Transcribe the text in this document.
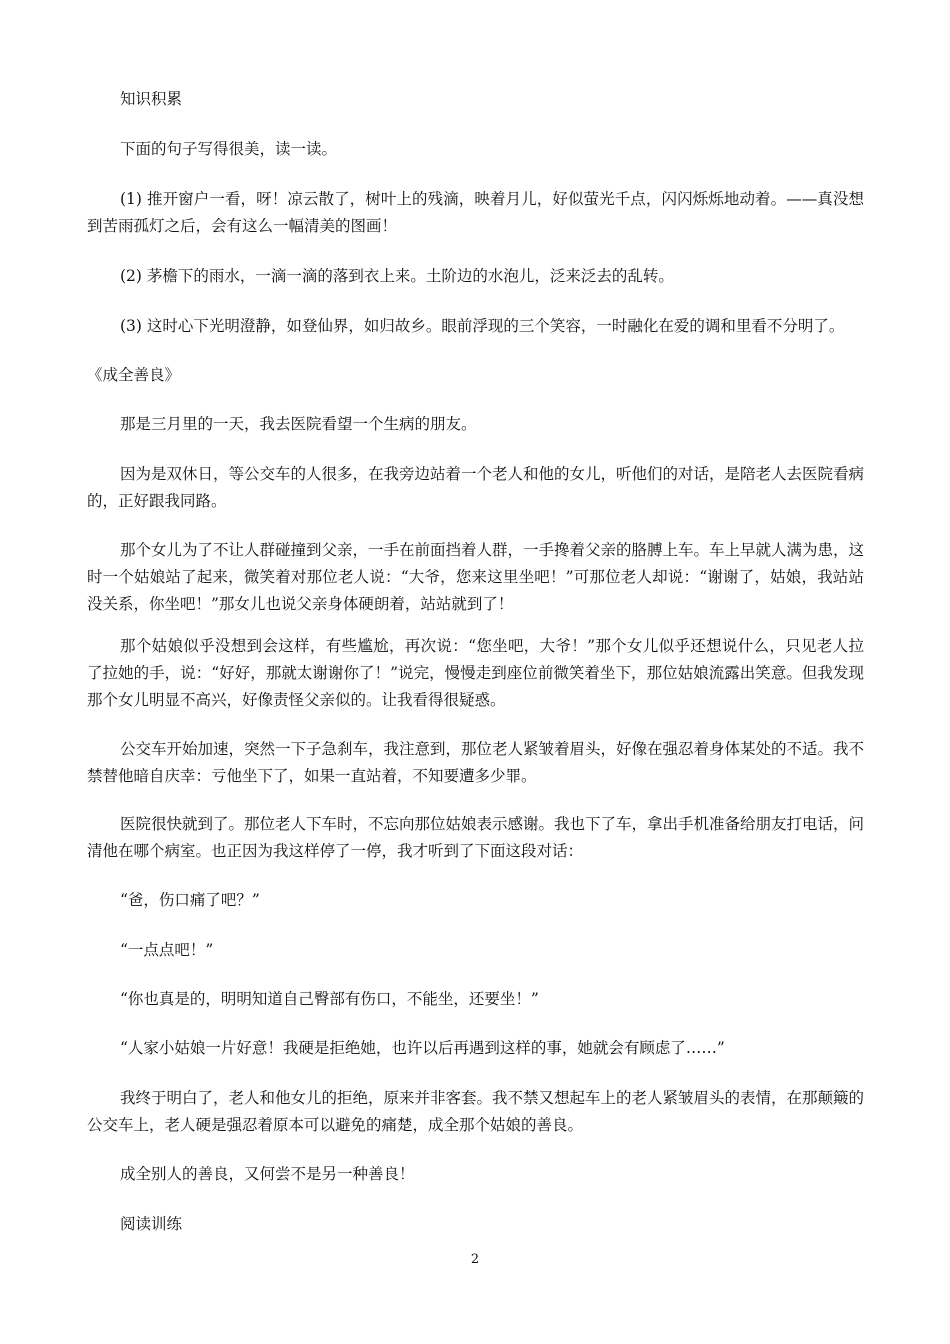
知识积累

下面的句子写得很美，读一读。

(1) 推开窗户一看，呀！凉云散了，树叶上的残滴，映着月儿，好似萤光千点，闪闪烁烁地动着。——真没想到苦雨孤灯之后，会有这么一幅清美的图画！

(2) 茅檐下的雨水，一滴一滴的落到衣上来。土阶边的水泡儿，泛来泛去的乱转。

(3) 这时心下光明澄静，如登仙界，如归故乡。眼前浮现的三个笑容，一时融化在爱的调和里看不分明了。

《成全善良》

那是三月里的一天，我去医院看望一个生病的朋友。

因为是双休日，等公交车的人很多，在我旁边站着一个老人和他的女儿，听他们的对话，是陪老人去医院看病的，正好跟我同路。

那个女儿为了不让人群碰撞到父亲，一手在前面挡着人群，一手搀着父亲的胳膊上车。车上早就人满为患，这时一个姑娘站了起来，微笑着对那位老人说：“大爷，您来这里坐吧！”可那位老人却说：“谢谢了，姑娘，我站站没关系，你坐吧！”那女儿也说父亲身体硬朗着，站站就到了！

那个姑娘似乎没想到会这样，有些尴尬，再次说：“您坐吧，大爷！”那个女儿似乎还想说什么，只见老人拉了拉她的手，说：“好好，那就太谢谢你了！”说完，慢慢走到座位前微笑着坐下，那位姑娘流露出笑意。但我发现那个女儿明显不高兴，好像责怪父亲似的。让我看得很疑惑。

公交车开始加速，突然一下子急刹车，我注意到，那位老人紧皱着眉头，好像在强忍着身体某处的不适。我不禁替他暗自庆幸：亏他坐下了，如果一直站着，不知要遭多少罪。

医院很快就到了。那位老人下车时，不忘向那位姑娘表示感谢。我也下了车，拿出手机准备给朋友打电话，问清他在哪个病室。也正因为我这样停了一停，我才听到了下面这段对话：

“爸，伤口痛了吧？”

“一点点吧！”

“你也真是的，明明知道自己臀部有伤口，不能坐，还要坐！”

“人家小姑娘一片好意！我硬是拒绝她，也许以后再遇到这样的事，她就会有顾虑了……”

我终于明白了，老人和他女儿的拒绝，原来并非客套。我不禁又想起车上的老人紧皱眉头的表情，在那颠簸的公交车上，老人硬是强忍着原本可以避免的痛楚，成全那个姑娘的善良。

成全别人的善良，又何尝不是另一种善良！

阅读训练

2
